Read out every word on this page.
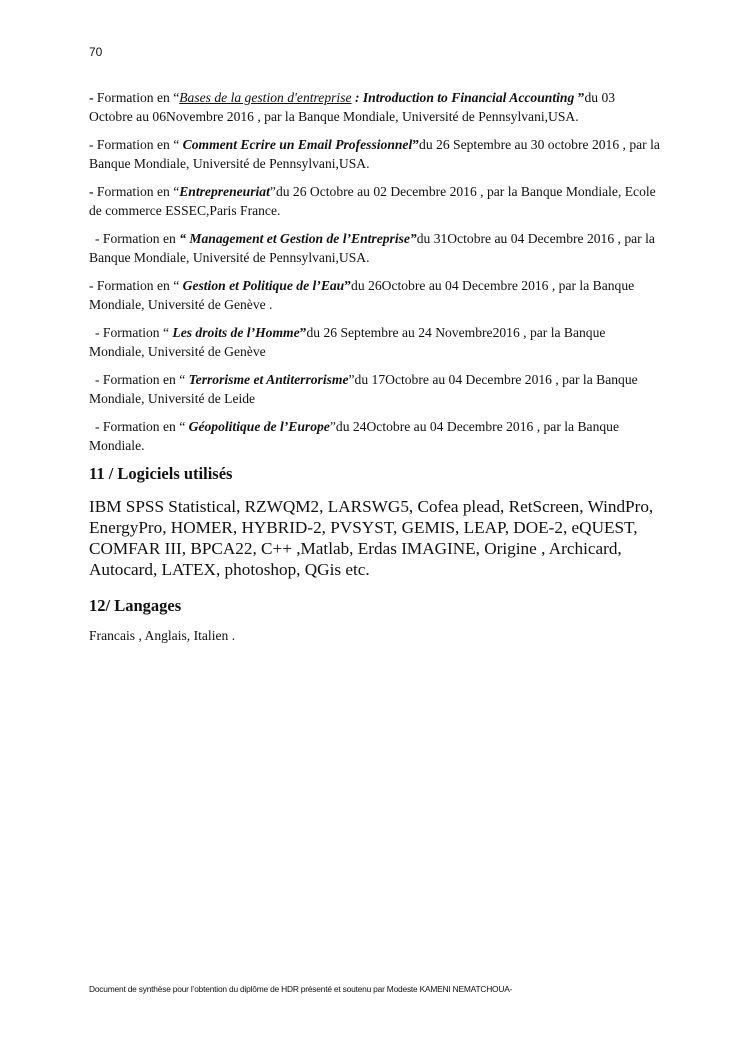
70

- Formation en “Bases de la gestion d'entreprise : Introduction to Financial Accounting ”du 03 Octobre au 06Novembre 2016 , par la Banque Mondiale, Université de Pennsylvani,USA.

- Formation en “ Comment Ecrire un Email Professionnel”du 26 Septembre au 30 octobre 2016 , par la Banque Mondiale, Université de Pennsylvani,USA.

- Formation en “Entrepreneuriat”du 26 Octobre au 02 Decembre 2016 , par la Banque Mondiale, Ecole de commerce ESSEC,Paris France.

- Formation en “ Management et Gestion de l’Entreprise”du 31Octobre au 04 Decembre 2016 , par la Banque Mondiale, Université de Pennsylvani,USA.

- Formation en “ Gestion et Politique de l’Eau”du 26Octobre au 04 Decembre 2016 , par la Banque Mondiale, Université de Genève .

- Formation “ Les droits de l’Homme”du 26 Septembre au 24 Novembre2016 , par la Banque Mondiale, Université de Genève

- Formation en “ Terrorisme et Antiterrorisme”du 17Octobre au 04 Decembre 2016 , par la Banque Mondiale, Université de Leide

- Formation en “ Géopolitique de l’Europe”du 24Octobre au 04 Decembre 2016 , par la Banque Mondiale.

11 / Logiciels utilisés

IBM SPSS Statistical, RZWQM2, LARSWG5, Cofea plead, RetScreen, WindPro, EnergyPro, HOMER, HYBRID-2, PVSYST, GEMIS, LEAP, DOE-2, eQUEST, COMFAR III, BPCA22, C++ ,Matlab, Erdas IMAGINE, Origine , Archicard, Autocard, LATEX, photoshop, QGis etc.

12/ Langages

Francais , Anglais, Italien .

Document de synthèse pour l’obtention du diplôme de HDR présenté et soutenu par Modeste KAMENI NEMATCHOUA-
